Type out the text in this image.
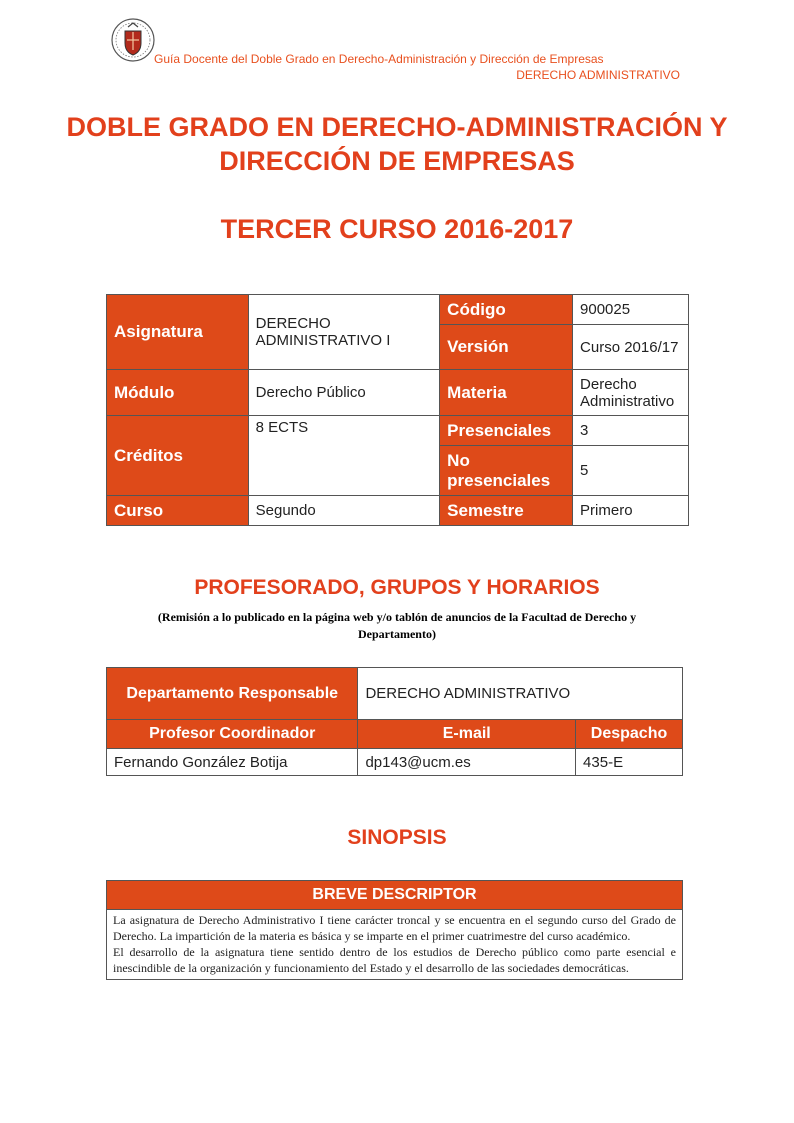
Guía Docente del Doble Grado en Derecho-Administración y Dirección de Empresas
DERECHO ADMINISTRATIVO
DOBLE GRADO EN DERECHO-ADMINISTRACIÓN Y DIRECCIÓN DE EMPRESAS
TERCER CURSO 2016-2017
Asignatura	DERECHO ADMINISTRATIVO I	Código	900025
		Versión	Curso 2016/17
Módulo	Derecho Público	Materia	Derecho Administrativo
Créditos	8 ECTS	Presenciales	3
		No presenciales	5
Curso	Segundo	Semestre	Primero
PROFESORADO, GRUPOS Y HORARIOS
(Remisión a lo publicado en la página web y/o tablón de anuncios de la Facultad de Derecho y Departamento)
Departamento Responsable	DERECHO ADMINISTRATIVO	
Profesor Coordinador	E-mail	Despacho
Fernando González Botija	dp143@ucm.es	435-E
SINOPSIS
BREVE DESCRIPTOR

La asignatura de Derecho Administrativo I tiene carácter troncal y se encuentra en el segundo curso del Grado de Derecho. La impartición de la materia es básica y se imparte en el primer cuatrimestre del curso académico.

El desarrollo de la asignatura tiene sentido dentro de los estudios de Derecho público como parte esencial e inescindible de la organización y funcionamiento del Estado y el desarrollo de las sociedades democráticas.
